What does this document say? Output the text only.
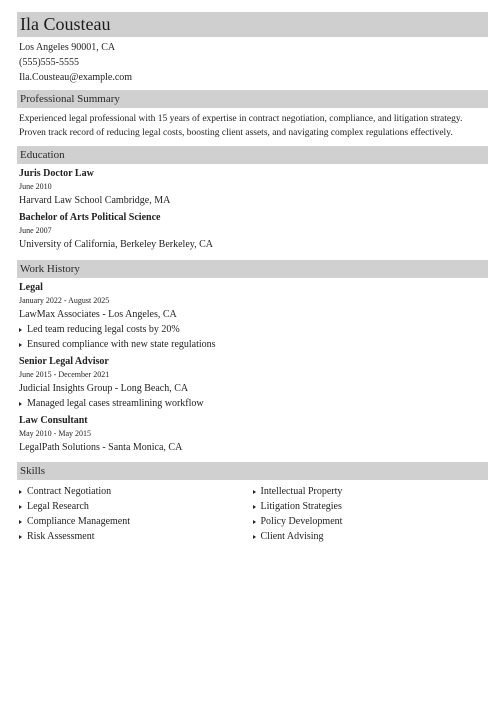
Ila Cousteau
Los Angeles 90001, CA
(555)555-5555
Ila.Cousteau@example.com
Professional Summary
Experienced legal professional with 15 years of expertise in contract negotiation, compliance, and litigation strategy. Proven track record of reducing legal costs, boosting client assets, and navigating complex regulations effectively.
Education
Juris Doctor Law
June 2010
Harvard Law School Cambridge, MA
Bachelor of Arts Political Science
June 2007
University of California, Berkeley Berkeley, CA
Work History
Legal
January 2022 - August 2025
LawMax Associates - Los Angeles, CA
Led team reducing legal costs by 20%
Ensured compliance with new state regulations
Senior Legal Advisor
June 2015 - December 2021
Judicial Insights Group - Long Beach, CA
Managed legal cases streamlining workflow
Law Consultant
May 2010 - May 2015
LegalPath Solutions - Santa Monica, CA
Skills
Contract Negotiation
Legal Research
Compliance Management
Risk Assessment
Intellectual Property
Litigation Strategies
Policy Development
Client Advising
